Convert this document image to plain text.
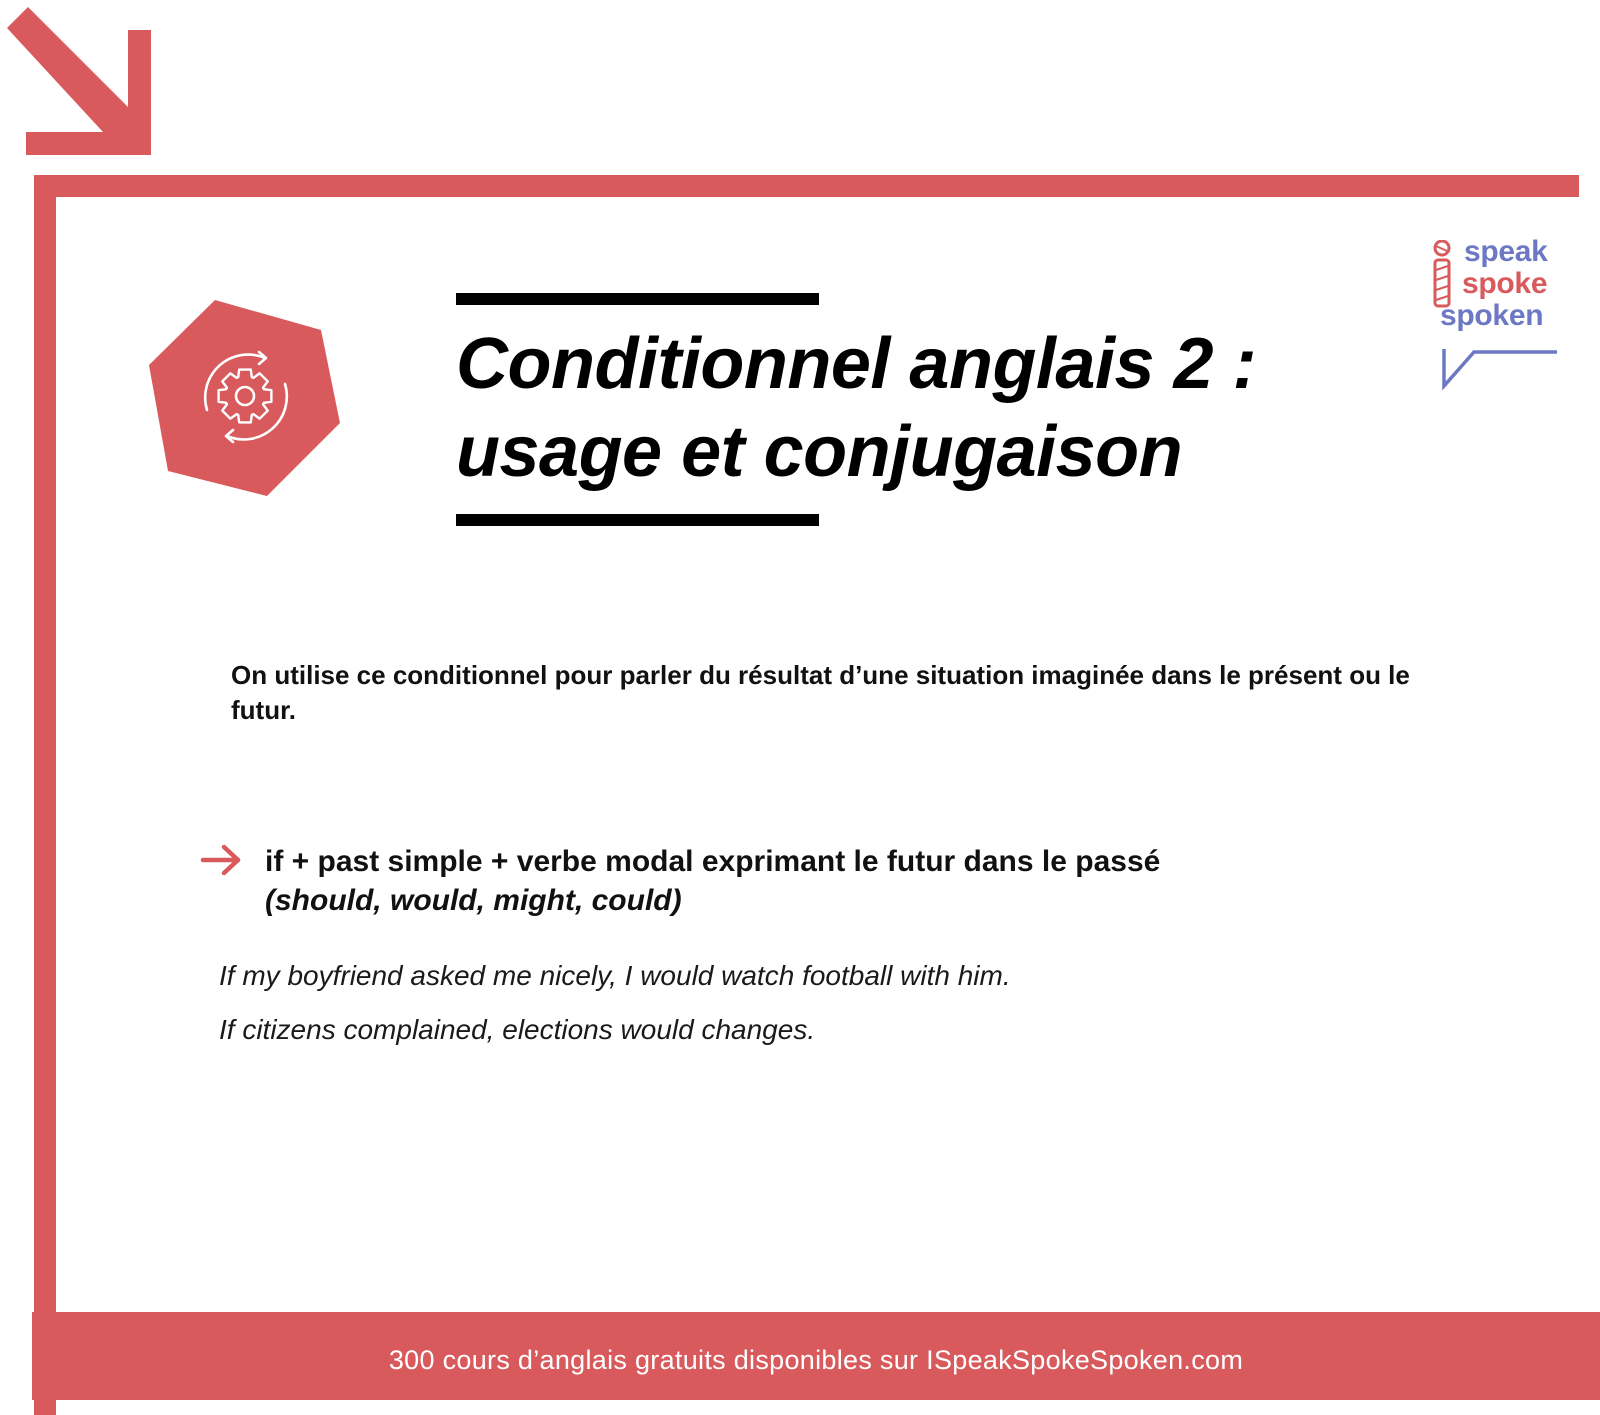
Conditionnel anglais 2 :
usage et conjugaison
speak
spoke
spoken

On utilise ce conditionnel pour parler du résultat d’une situation imaginée dans le présent ou le futur.

if + past simple + verbe modal exprimant le futur dans le passé
(should, would, might, could)

If my boyfriend asked me nicely, I would watch football with him.

If citizens complained, elections would changes.

300 cours d’anglais gratuits disponibles sur ISpeakSpokeSpoken.com
